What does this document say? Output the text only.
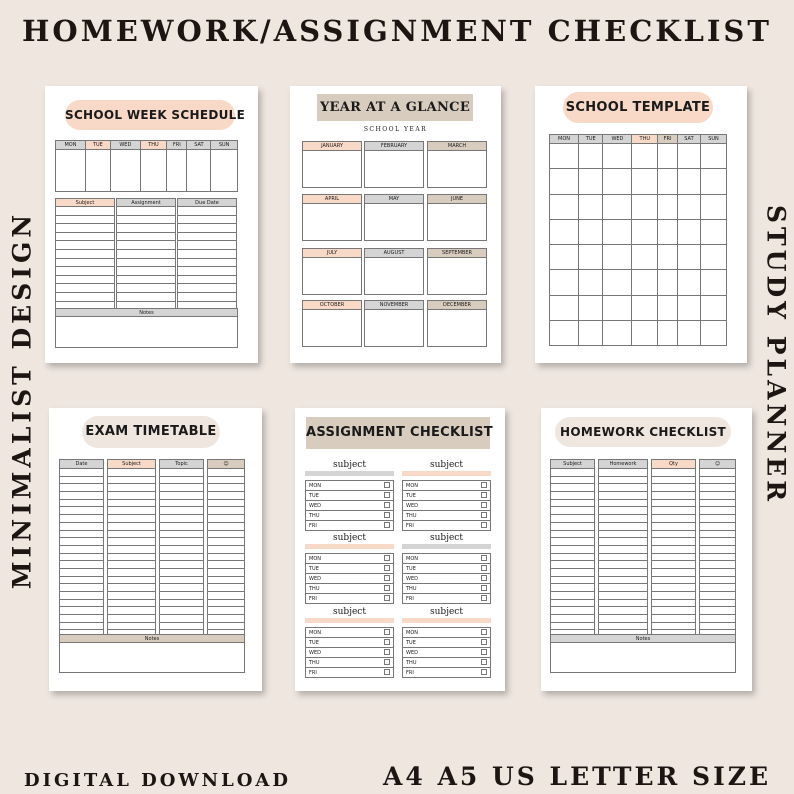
HOMEWORK/ASSIGNMENT CHECKLIST
MINIMALIST DESIGN	STUDY PLANNER
DIGITAL DOWNLOAD	A4 A5 US LETTER SIZE
SCHOOL WEEK SCHEDULE
MON	TUE	WED	THU	FRI	SAT	SUN

Subject	Assignment	Due Date

Notes

YEAR AT A GLANCE
SCHOOL YEAR
JANUARY	FEBRUARY	MARCH

APRIL	MAY	JUNE

JULY	AUGUST	SEPTEMBER

OCTOBER	NOVEMBER	DECEMBER

SCHOOL TEMPLATE
MON	TUE	WED	THU	FRI	SAT	SUN

EXAM TIMETABLE
Date	Subject	Topic	☺

Notes

ASSIGNMENT CHECKLIST
subject
MON	
TUE	
WED	
THU	
FRI	
subject
MON	
TUE	
WED	
THU	
FRI	
subject
MON	
TUE	
WED	
THU	
FRI	
subject
MON	
TUE	
WED	
THU	
FRI	
subject
MON	
TUE	
WED	
THU	
FRI	
subject
MON	
TUE	
WED	
THU	
FRI	
HOMEWORK CHECKLIST
Subject	Homework	Qty	☺

Notes
